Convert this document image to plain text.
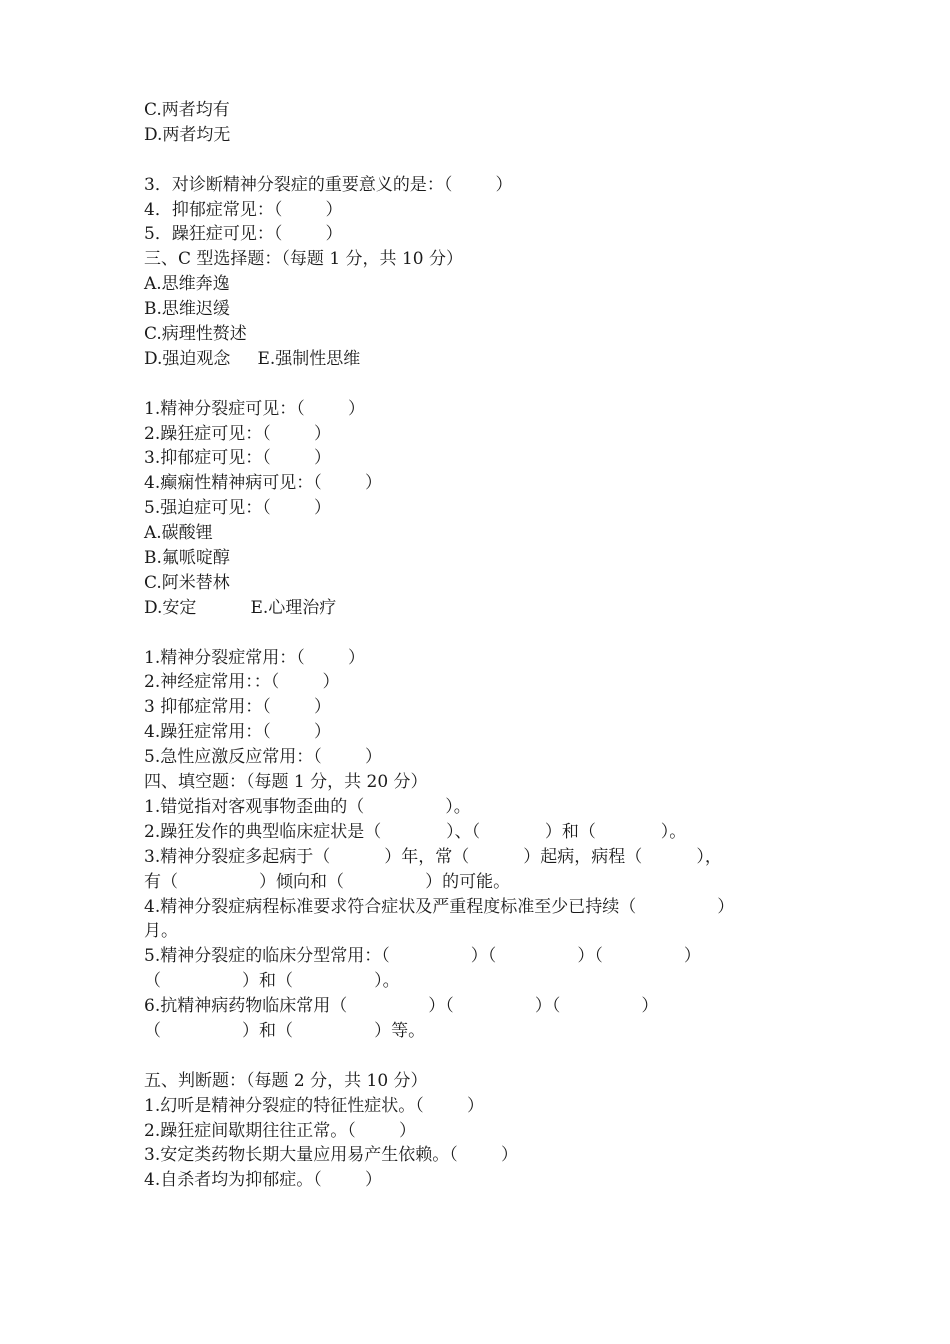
C.两者均有
D.两者均无
3．对诊断精神分裂症的重要意义的是：（        ）
4．抑郁症常见：（        ）
5．躁狂症可见：（        ）
三、C 型选择题：（每题 1 分，共 10 分）
A.思维奔逸
B.思维迟缓
C.病理性赘述
D.强迫观念     E.强制性思维
1.精神分裂症可见：（        ）
2.躁狂症可见：（        ）
3.抑郁症可见：（        ）
4.癫痫性精神病可见：（        ）
5.强迫症可见：（        ）
A.碳酸锂
B.氟哌啶醇
C.阿米替林
D.安定          E.心理治疗
1.精神分裂症常用：（        ）
2.神经症常用：：（        ）
3 抑郁症常用：（        ）
4.躁狂症常用：（        ）
5.急性应激反应常用：（        ）
四、填空题：（每题 1 分，共 20 分）
1.错觉指对客观事物歪曲的（               ）。
2.躁狂发作的典型临床症状是（            ）、（            ）和（            ）。
3.精神分裂症多起病于（          ）年，常（          ）起病，病程（          ），
有（               ）倾向和（               ）的可能。
4.精神分裂症病程标准要求符合症状及严重程度标准至少已持续（               ）
月。
5.精神分裂症的临床分型常用：（               ）（               ）（               ）
（               ）和（               ）。
6.抗精神病药物临床常用（               ）（               ）（               ）
（               ）和（               ）等。
五、判断题：（每题 2 分，共 10 分）
1.幻听是精神分裂症的特征性症状。（        ）
2.躁狂症间歇期往往正常。（        ）
3.安定类药物长期大量应用易产生依赖。（        ）
4.自杀者均为抑郁症。（        ）
